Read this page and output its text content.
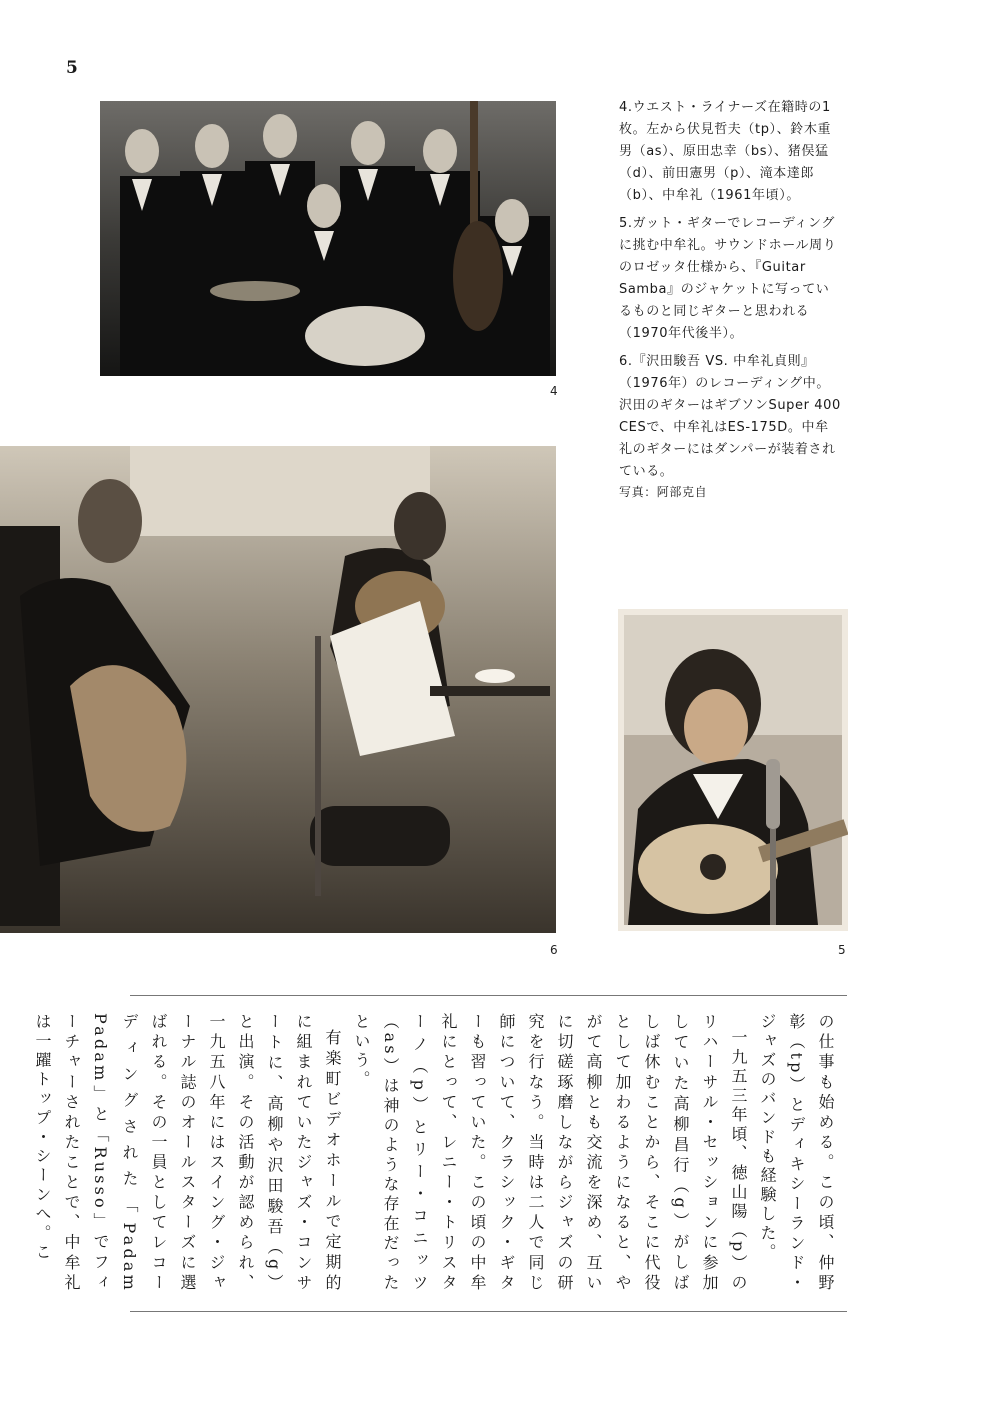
5
4
6	5

4.ウエスト・ライナーズ在籍時の1枚。左から伏見哲夫（tp）、鈴木重男（as）、原田忠幸（bs）、猪俣猛（d）、前田憲男（p）、滝本達郎（b）、中牟礼（1961年頃）。

5.ガット・ギターでレコーディングに挑む中牟礼。サウンドホール周りのロゼッタ仕様から、『Guitar Samba』のジャケットに写っているものと同じギターと思われる（1970年代後半）。

6.『沢田駿吾 VS. 中牟礼貞則』（1976年）のレコーディング中。沢田のギターはギブソンSuper 400 CESで、中牟礼はES-175D。中牟礼のギターにはダンパーが装着されている。

写真：阿部克自

の仕事も始める。この頃、仲野彰（tp）とディキシーランド・ジャズのバンドも経験した。

一九五三年頃、徳山陽（p）のリハーサル・セッションに参加していた高柳昌行（g）がしばしば休むことから、そこに代役として加わるようになると、やがて高柳とも交流を深め、互いに切磋琢磨しながらジャズの研究を行なう。当時は二人で同じ師について、クラシック・ギターも習っていた。この頃の中牟礼にとって、レニー・トリスターノ（p）とリー・コニッツ（as）は神のような存在だったという。

有楽町ビデオホールで定期的に組まれていたジャズ・コンサートに、高柳や沢田駿吾（g）と出演。その活動が認められ、一九五八年にはスイング・ジャーナル誌のオールスターズに選ばれる。その一員としてレコーディングされた「Padam Padam」と「Russo」でフィーチャーされたことで、中牟礼は一躍トップ・シーンへ。こ
